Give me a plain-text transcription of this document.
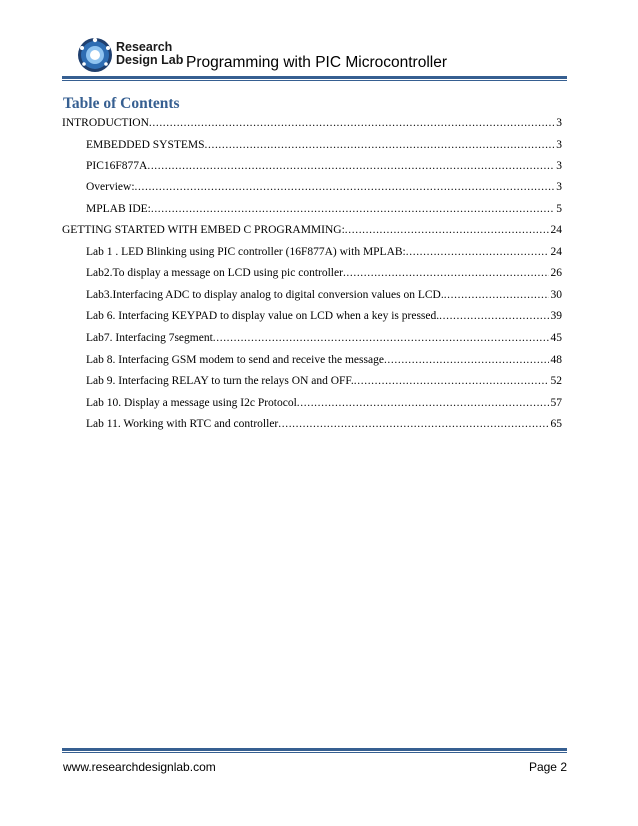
Research
Design Lab Programming with PIC Microcontroller
Table of Contents
INTRODUCTION .....	3
EMBEDDED SYSTEMS .....	3
PIC16F877A .....	3
Overview: .....	3
MPLAB IDE: .....	5
GETTING STARTED WITH EMBED C PROGRAMMING: .....	24
Lab 1 . LED Blinking using PIC controller (16F877A) with MPLAB: .....	24
Lab2.To display a message on LCD using pic controller .....	26
Lab3.Interfacing ADC to display analog to digital conversion values on LCD. .....	30
Lab 6. Interfacing KEYPAD to display value on LCD when a key is pressed. .....	39
Lab7. Interfacing 7segment .....	45
Lab 8. Interfacing GSM modem to send and receive the message .....	48
Lab 9. Interfacing RELAY to turn the relays ON and OFF. .....	52
Lab 10. Display a message using I2c Protocol .....	57
Lab 11. Working with RTC and controller .....	65
www.researchdesignlab.com	Page 2
